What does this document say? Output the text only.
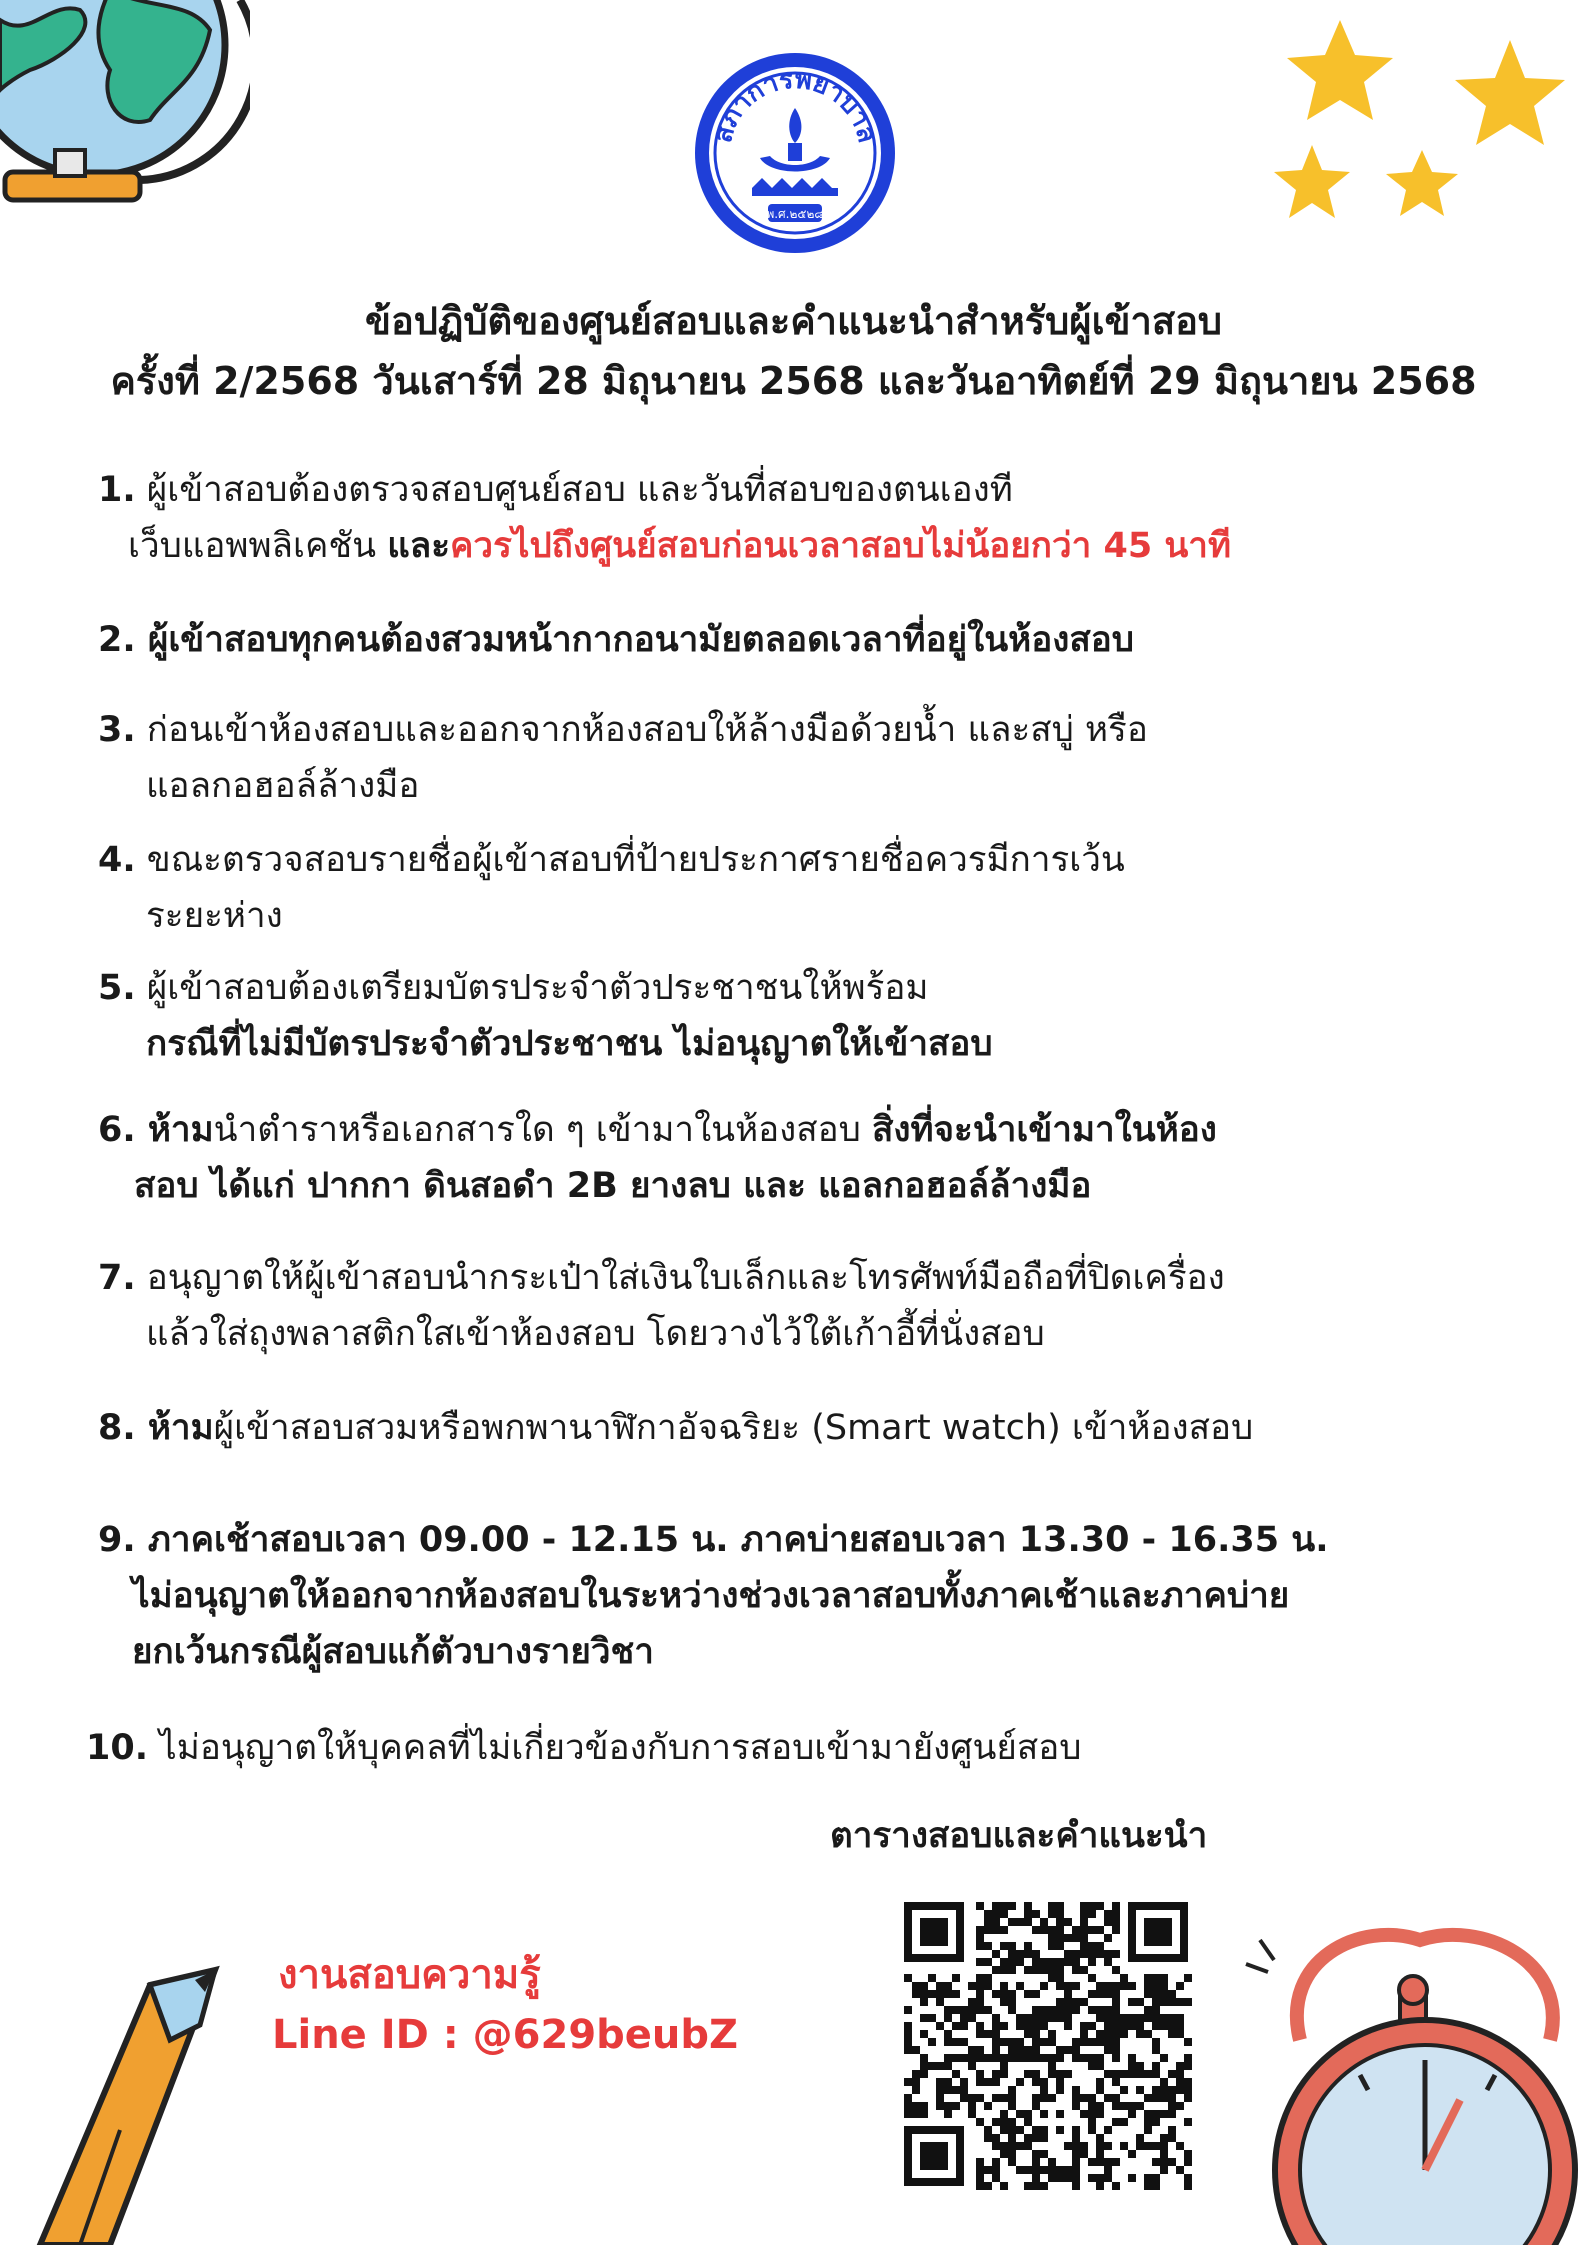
สภาการพยาบาล
พ.ศ.๒๕๒๘
ข้อปฏิบัติของศูนย์สอบและคำแนะนำสำหรับผู้เข้าสอบ
ครั้งที่ 2/2568 วันเสาร์ที่ 28 มิถุนายน 2568 และวันอาทิตย์ที่ 29 มิถุนายน 2568
1. ผู้เข้าสอบต้องตรวจสอบศูนย์สอบ และวันที่สอบของตนเองที
เว็บแอพพลิเคชัน และควรไปถึงศูนย์สอบก่อนเวลาสอบไม่น้อยกว่า 45 นาที
2. ผู้เข้าสอบทุกคนต้องสวมหน้ากากอนามัยตลอดเวลาที่อยู่ในห้องสอบ
3. ก่อนเข้าห้องสอบและออกจากห้องสอบให้ล้างมือด้วยน้ำ และสบู่ หรือ
แอลกอฮอล์ล้างมือ
4. ขณะตรวจสอบรายชื่อผู้เข้าสอบที่ป้ายประกาศรายชื่อควรมีการเว้น
ระยะห่าง
5. ผู้เข้าสอบต้องเตรียมบัตรประจำตัวประชาชนให้พร้อม
กรณีที่ไม่มีบัตรประจำตัวประชาชน ไม่อนุญาตให้เข้าสอบ
6. ห้ามนำตำราหรือเอกสารใด ๆ เข้ามาในห้องสอบ สิ่งที่จะนำเข้ามาในห้อง
สอบ ได้แก่ ปากกา ดินสอดำ 2B ยางลบ และ แอลกอฮอล์ล้างมือ
7. อนุญาตให้ผู้เข้าสอบนำกระเป๋าใส่เงินใบเล็กและโทรศัพท์มือถือที่ปิดเครื่อง
แล้วใส่ถุงพลาสติกใสเข้าห้องสอบ โดยวางไว้ใต้เก้าอี้ที่นั่งสอบ
8. ห้ามผู้เข้าสอบสวมหรือพกพานาฬิกาอัจฉริยะ (Smart watch) เข้าห้องสอบ
9. ภาคเช้าสอบเวลา 09.00 - 12.15 น. ภาคบ่ายสอบเวลา 13.30 - 16.35 น.
ไม่อนุญาตให้ออกจากห้องสอบในระหว่างช่วงเวลาสอบทั้งภาคเช้าและภาคบ่าย
ยกเว้นกรณีผู้สอบแก้ตัวบางรายวิชา
10. ไม่อนุญาตให้บุคคลที่ไม่เกี่ยวข้องกับการสอบเข้ามายังศูนย์สอบ
ตารางสอบและคำแนะนำ
งานสอบความรู้
Line ID : @629beubZ
